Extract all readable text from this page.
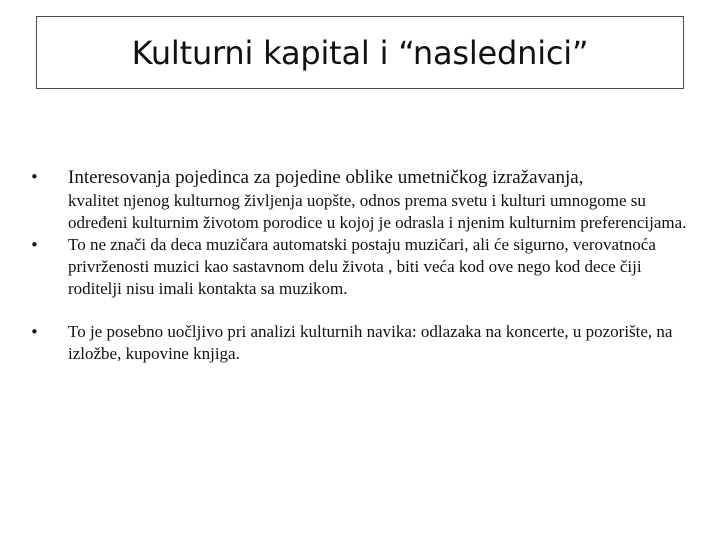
Kulturni kapital i “naslednici”
• Interesovanja pojedinca za pojedine oblike umetničkog izražavanja,
kvalitet njenog kulturnog življenja uopšte, odnos prema svetu i kulturi umnogome su određeni kulturnim životom porodice u kojoj je odrasla i njenim kulturnim preferencijama.
• To ne znači da deca muzičara automatski postaju muzičari, ali će sigurno, verovatnoća privrženosti muzici kao sastavnom delu života , biti veća kod ove nego kod dece čiji roditelji nisu imali kontakta sa muzikom.
• To je posebno uočljivo pri analizi kulturnih navika: odlazaka na koncerte, u pozorište, na izložbe, kupovine knjiga.
